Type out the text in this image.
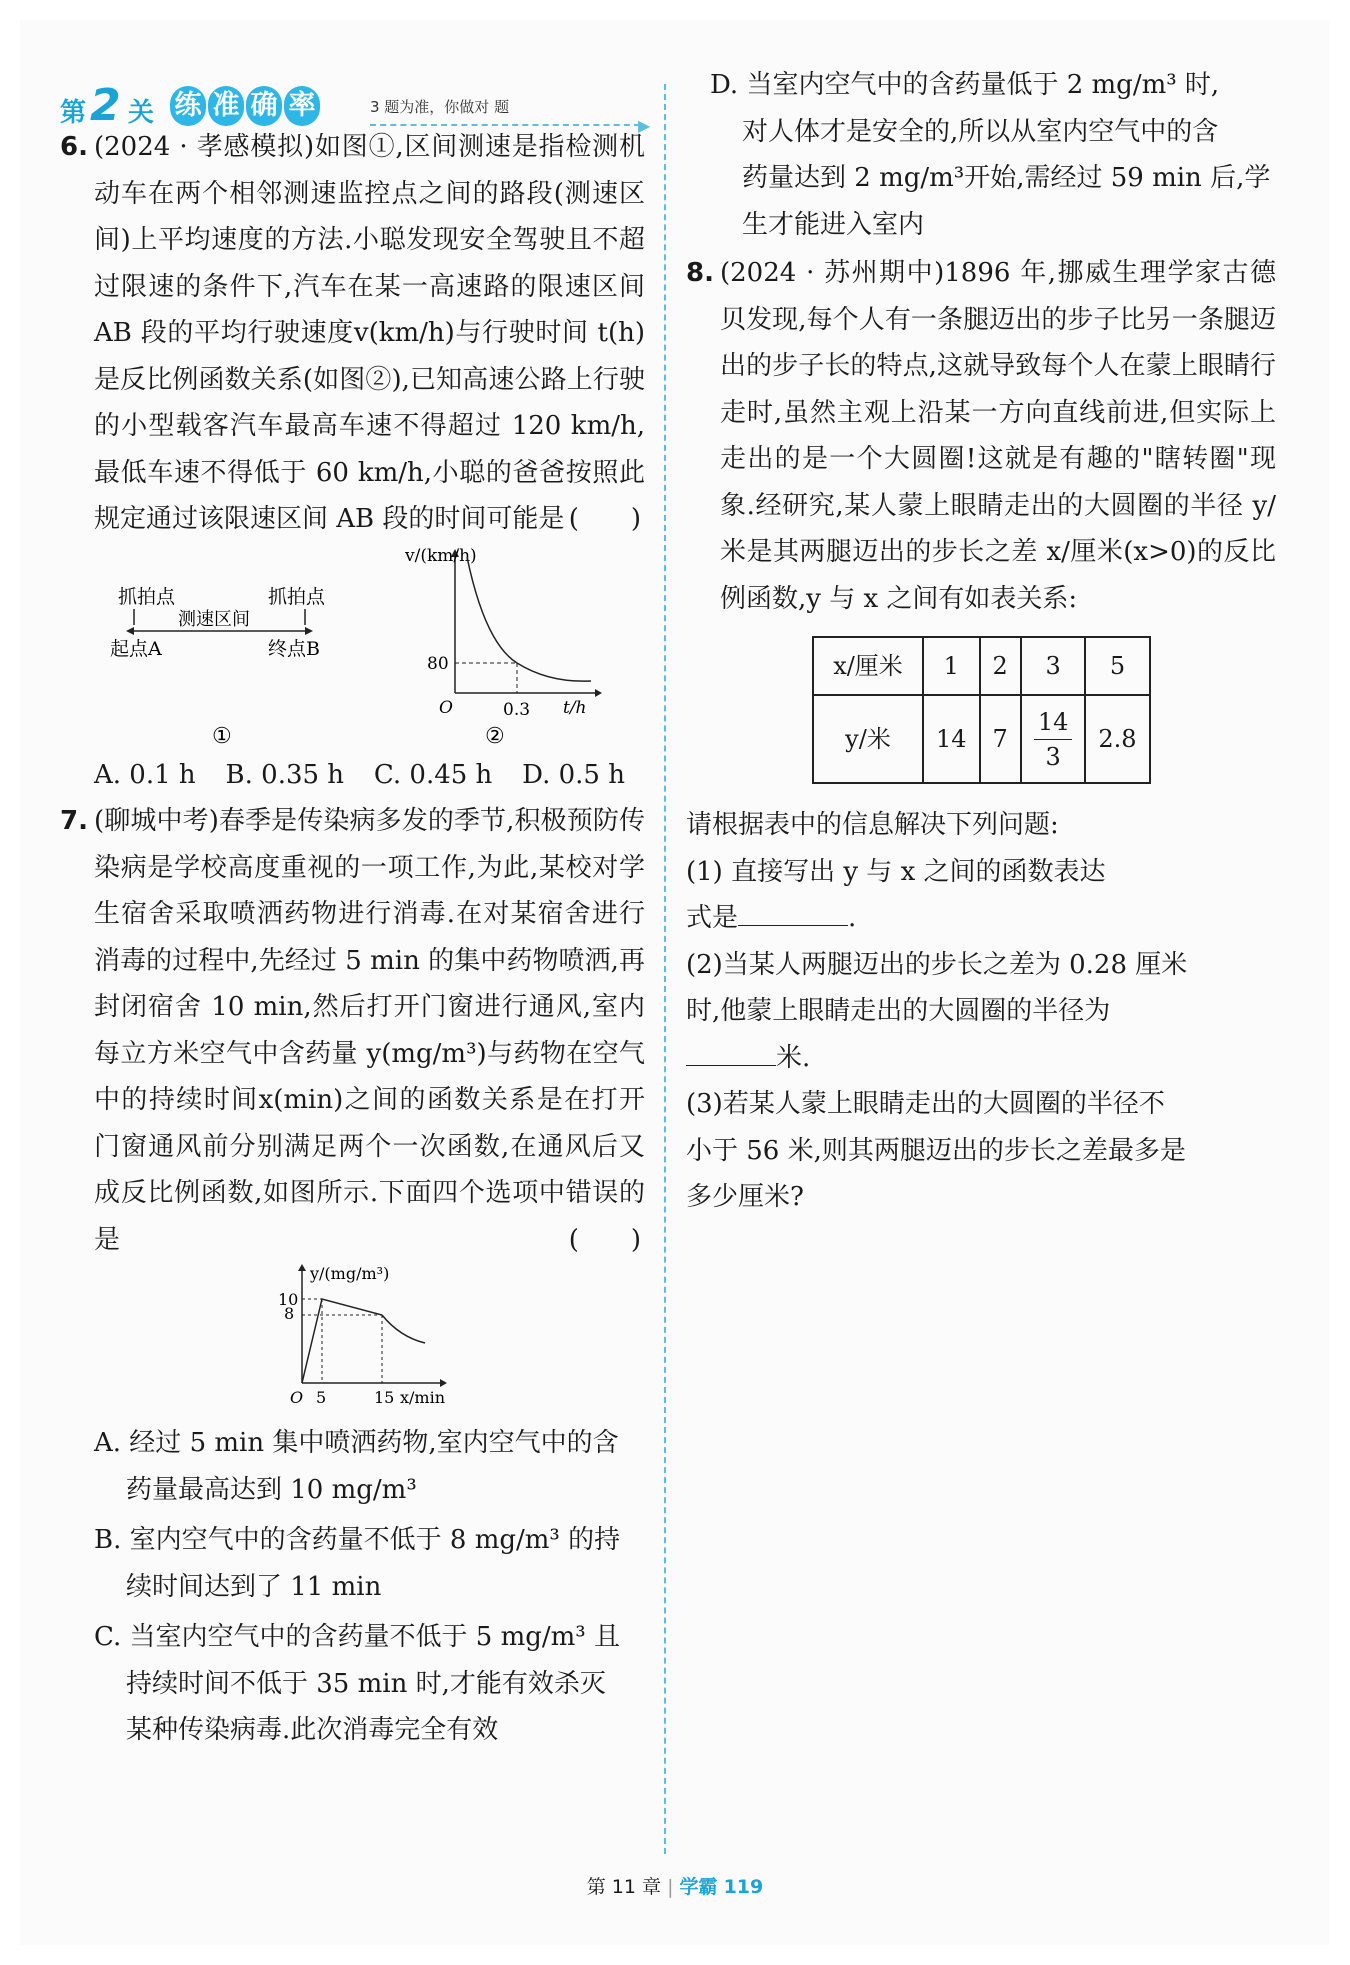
第 2 关 练 准 确 率	3 题为准，你做对 题
▶
6. (2024 · 孝感模拟)如图①,区间测速是指检测机动车在两个相邻测速监控点之间的路段(测速区间)上平均速度的方法.小聪发现安全驾驶且不超过限速的条件下,汽车在某一高速路的限速区间 AB 段的平均行驶速度v(km/h)与行驶时间 t(h)是反比例函数关系(如图②),已知高速公路上行驶的小型载客汽车最高车速不得超过 120 km/h,最低车速不得低于 60 km/h,小聪的爸爸按照此规定通过该限速区间 AB 段的时间可能是 (　　)
抓拍点	抓拍点
测速区间
起点A	终点B
①
v/(km/h)
t/h
O
80
0.3
②
A. 0.1 h B. 0.35 h C. 0.45 h D. 0.5 h
7. (聊城中考)春季是传染病多发的季节,积极预防传染病是学校高度重视的一项工作,为此,某校对学生宿舍采取喷洒药物进行消毒.在对某宿舍进行消毒的过程中,先经过 5 min 的集中药物喷洒,再封闭宿舍 10 min,然后打开门窗进行通风,室内每立方米空气中含药量 y(mg/m³)与药物在空气中的持续时间x(min)之间的函数关系是在打开门窗通风前分别满足两个一次函数,在通风后又成反比例函数,如图所示.下面四个选项中错误的是	(　　)
y/(mg/m³)
x/min
O
10
8
5	15
A. 经过 5 min 集中喷洒药物,室内空气中的含
药量最高达到 10 mg/m³
B. 室内空气中的含药量不低于 8 mg/m³ 的持
续时间达到了 11 min
C. 当室内空气中的含药量不低于 5 mg/m³ 且
持续时间不低于 35 min 时,才能有效杀灭
某种传染病毒.此次消毒完全有效
D. 当室内空气中的含药量低于 2 mg/m³ 时,
对人体才是安全的,所以从室内空气中的含
药量达到 2 mg/m³开始,需经过 59 min 后,学
生才能进入室内
8. (2024 · 苏州期中)1896 年,挪威生理学家古德贝发现,每个人有一条腿迈出的步子比另一条腿迈出的步子长的特点,这就导致每个人在蒙上眼睛行走时,虽然主观上沿某一方向直线前进,但实际上走出的是一个大圆圈!这就是有趣的"瞎转圈"现象.经研究,某人蒙上眼睛走出的大圆圈的半径 y/米是其两腿迈出的步长之差 x/厘米(x>0)的反比例函数,y 与 x 之间有如表关系:
x/厘米	1	2	3	5
y/米	14	7	$\frac{14}{3}$	2.8
请根据表中的信息解决下列问题:
(1) 直接写出 y 与 x 之间的函数表达
式是	.
(2)当某人两腿迈出的步长之差为 0.28 厘米
时,他蒙上眼睛走出的大圆圈的半径为
米.
(3)若某人蒙上眼睛走出的大圆圈的半径不
小于 56 米,则其两腿迈出的步长之差最多是
多少厘米?
第 11 章 | 学霸 119
